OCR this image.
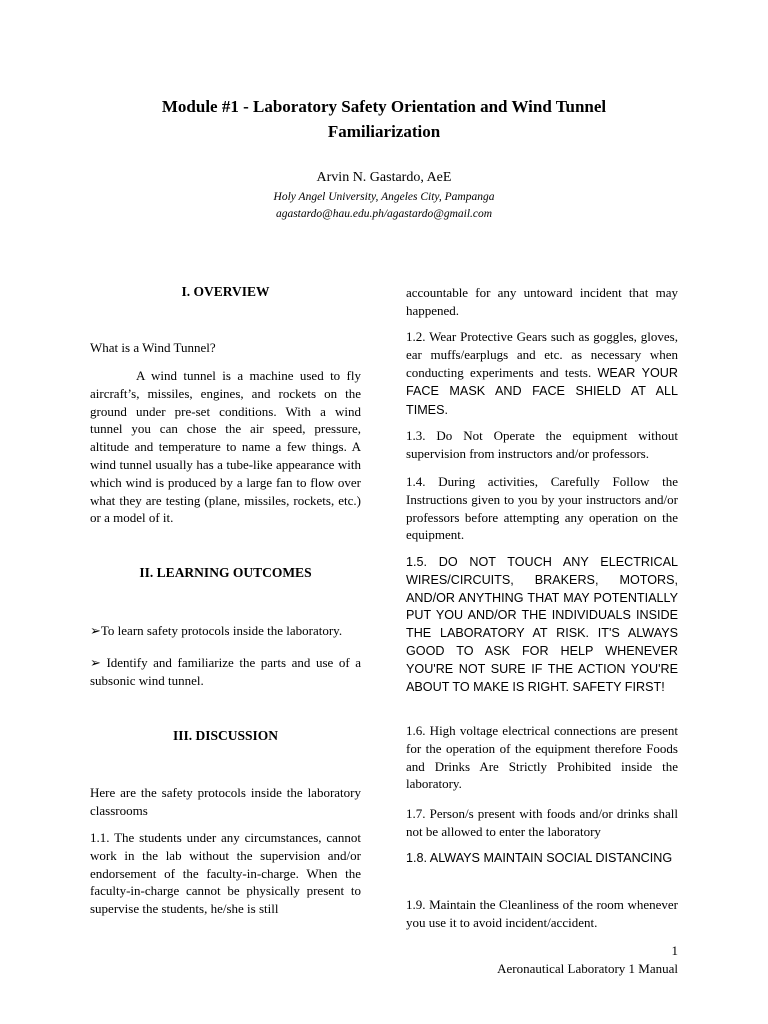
Module #1 - Laboratory Safety Orientation and Wind Tunnel Familiarization
Arvin N. Gastardo, AeE
Holy Angel University, Angeles City, Pampanga
agastardo@hau.edu.ph/agastardo@gmail.com
I. OVERVIEW

What is a Wind Tunnel?

A wind tunnel is a machine used to fly aircraft’s, missiles, engines, and rockets on the ground under pre-set conditions. With a wind tunnel you can chose the air speed, pressure, altitude and temperature to name a few things. A wind tunnel usually has a tube-like appearance with which wind is produced by a large fan to flow over what they are testing (plane, missiles, rockets, etc.) or a model of it.

II. LEARNING OUTCOMES

➢To learn safety protocols inside the laboratory.

➢ Identify and familiarize the parts and use of a subsonic wind tunnel.

III. DISCUSSION

Here are the safety protocols inside the laboratory classrooms

1.1. The students under any circumstances, cannot work in the lab without the supervision and/or endorsement of the faculty-in-charge. When the faculty-in-charge cannot be physically present to supervise the students, he/she is still

accountable for any untoward incident that may happened.

1.2. Wear Protective Gears such as goggles, gloves, ear muffs/earplugs and etc. as necessary when conducting experiments and tests. WEAR YOUR FACE MASK AND FACE SHIELD AT ALL TIMES.

1.3. Do Not Operate the equipment without supervision from instructors and/or professors.

1.4. During activities, Carefully Follow the Instructions given to you by your instructors and/or professors before attempting any operation on the equipment.

1.5. DO NOT TOUCH ANY ELECTRICAL WIRES/CIRCUITS, BRAKERS, MOTORS, AND/OR ANYTHING THAT MAY POTENTIALLY PUT YOU AND/OR THE INDIVIDUALS INSIDE THE LABORATORY AT RISK. IT'S ALWAYS GOOD TO ASK FOR HELP WHENEVER YOU'RE NOT SURE IF THE ACTION YOU'RE ABOUT TO MAKE IS RIGHT. SAFETY FIRST!

1.6. High voltage electrical connections are present for the operation of the equipment therefore Foods and Drinks Are Strictly Prohibited inside the laboratory.

1.7. Person/s present with foods and/or drinks shall not be allowed to enter the laboratory

1.8. ALWAYS MAINTAIN SOCIAL DISTANCING

1.9. Maintain the Cleanliness of the room whenever you use it to avoid incident/accident.

1
Aeronautical Laboratory 1 Manual
